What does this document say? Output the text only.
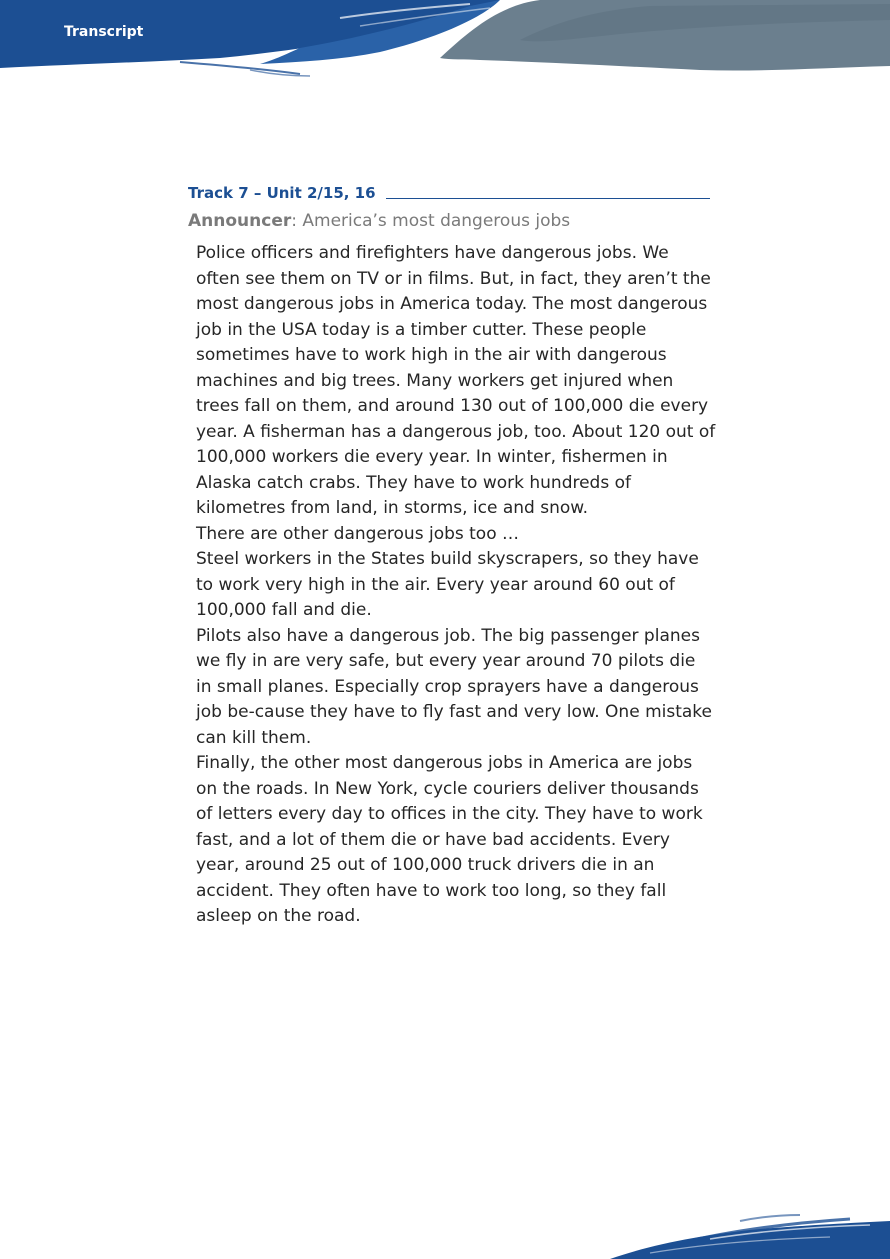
Transcript
Track 7 – Unit 2/15, 16
Announcer: America’s most dangerous jobs

Police officers and firefighters have dangerous jobs. We often see them on TV or in films. But, in fact, they aren’t the most dangerous jobs in America today. The most dangerous job in the USA today is a timber cutter. These people sometimes have to work high in the air with dangerous machines and big trees. Many workers get injured when trees fall on them, and around 130 out of 100,000 die every year. A fisherman has a dangerous job, too. About 120 out of 100,000 workers die every year. In winter, fishermen in Alaska catch crabs. They have to work hundreds of kilometres from land, in storms, ice and snow.

There are other dangerous jobs too …

Steel workers in the States build skyscrapers, so they have to work very high in the air. Every year around 60 out of 100,000 fall and die.

Pilots also have a dangerous job. The big passenger planes we fly in are very safe, but every year around 70 pilots die in small planes. Especially crop sprayers have a dangerous job be-cause they have to fly fast and very low. One mistake can kill them.

Finally, the other most dangerous jobs in America are jobs on the roads. In New York, cycle couriers deliver thousands of letters every day to offices in the city. They have to work fast, and a lot of them die or have bad accidents. Every year, around 25 out of 100,000 truck drivers die in an accident. They often have to work too long, so they fall asleep on the road.
